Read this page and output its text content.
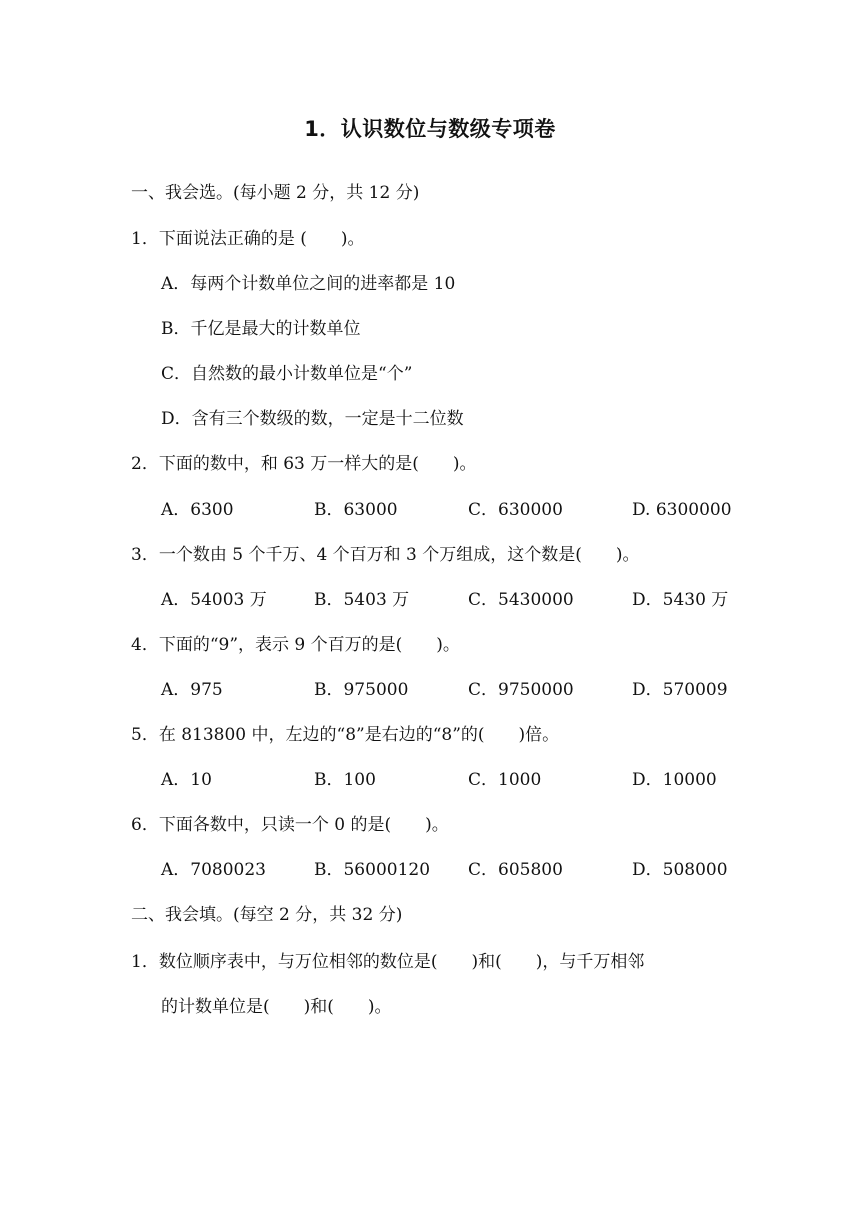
1．认识数位与数级专项卷
一、我会选。(每小题 2 分，共 12 分)
1．下面说法正确的是 (　　)。
A．每两个计数单位之间的进率都是 10
B．千亿是最大的计数单位
C．自然数的最小计数单位是“个”
D．含有三个数级的数，一定是十二位数
2．下面的数中，和 63 万一样大的是(　　)。
A．6300	B．63000	C．630000	D. 6300000
3．一个数由 5 个千万、4 个百万和 3 个万组成，这个数是(　　)。
A．54003 万	B．5403 万	C．5430000	D．5430 万
4．下面的“9”，表示 9 个百万的是(　　)。
A．975	B．975000	C．9750000	D．570009
5．在 813800 中，左边的“8”是右边的“8”的(　　)倍。
A．10	B．100	C．1000	D．10000
6．下面各数中，只读一个 0 的是(　　)。
A．7080023	B．56000120 C．605800	D．508000
二、我会填。(每空 2 分，共 32 分)
1．数位顺序表中，与万位相邻的数位是(　　)和(　　)，与千万相邻
的计数单位是(　　)和(　　)。
